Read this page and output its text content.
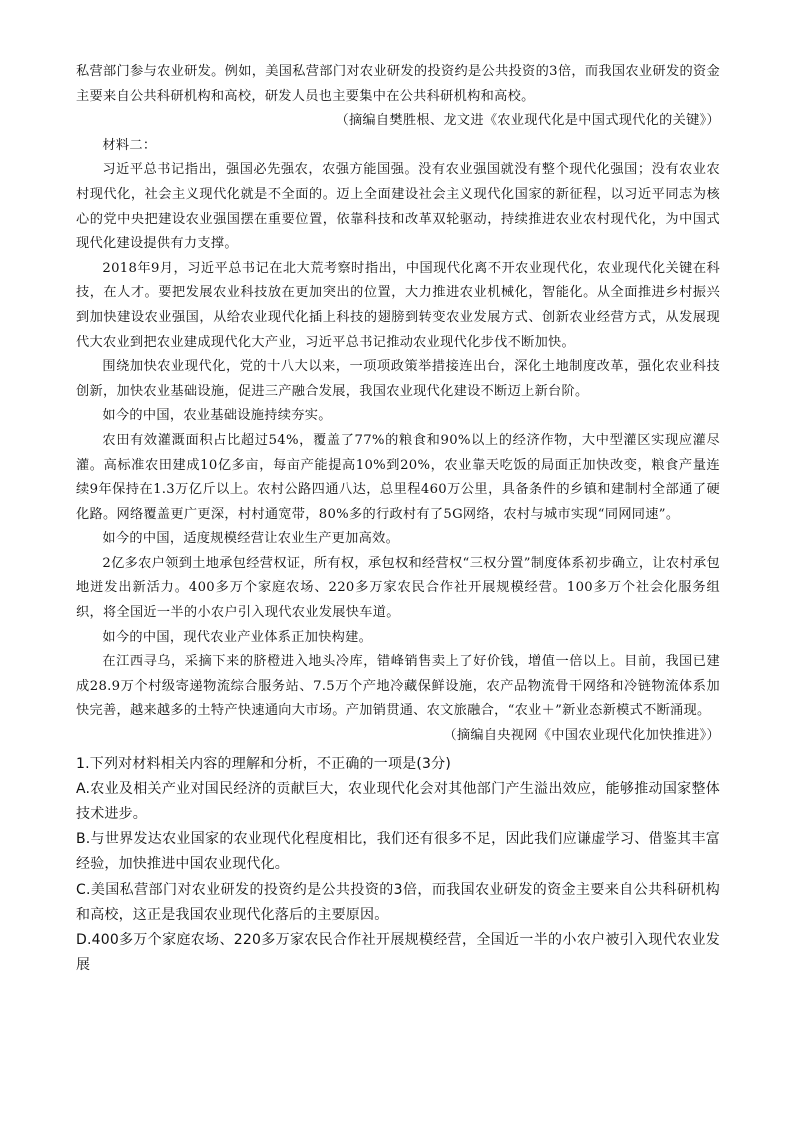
私营部门参与农业研发。例如，美国私营部门对农业研发的投资约是公共投资的3倍，而我国农业研发的资金主要来自公共科研机构和高校，研发人员也主要集中在公共科研机构和高校。

（摘编自樊胜根、龙文进《农业现代化是中国式现代化的关键》）

材料二：

习近平总书记指出，强国必先强农，农强方能国强。没有农业强国就没有整个现代化强国；没有农业农村现代化，社会主义现代化就是不全面的。迈上全面建设社会主义现代化国家的新征程，以习近平同志为核心的党中央把建设农业强国摆在重要位置，依靠科技和改革双轮驱动，持续推进农业农村现代化，为中国式现代化建设提供有力支撑。

2018年9月，习近平总书记在北大荒考察时指出，中国现代化离不开农业现代化，农业现代化关键在科技，在人才。要把发展农业科技放在更加突出的位置，大力推进农业机械化，智能化。从全面推进乡村振兴到加快建设农业强国，从给农业现代化插上科技的翅膀到转变农业发展方式、创新农业经营方式，从发展现代大农业到把农业建成现代化大产业，习近平总书记推动农业现代化步伐不断加快。

围绕加快农业现代化，党的十八大以来，一项项政策举措接连出台，深化土地制度改革，强化农业科技创新，加快农业基础设施，促进三产融合发展，我国农业现代化建设不断迈上新台阶。

如今的中国，农业基础设施持续夯实。

农田有效灌溉面积占比超过54%，覆盖了77%的粮食和90%以上的经济作物，大中型灌区实现应灌尽灌。高标准农田建成10亿多亩，每亩产能提高10%到20%，农业靠天吃饭的局面正加快改变，粮食产量连续9年保持在1.3万亿斤以上。农村公路四通八达，总里程460万公里，具备条件的乡镇和建制村全部通了硬化路。网络覆盖更广更深，村村通宽带，80%多的行政村有了5G网络，农村与城市实现“同网同速”。

如今的中国，适度规模经营让农业生产更加高效。

2亿多农户领到土地承包经营权证，所有权，承包权和经营权“三权分置”制度体系初步确立，让农村承包地迸发出新活力。400多万个家庭农场、220多万家农民合作社开展规模经营。100多万个社会化服务组织，将全国近一半的小农户引入现代农业发展快车道。

如今的中国，现代农业产业体系正加快构建。

在江西寻乌，采摘下来的脐橙进入地头冷库，错峰销售卖上了好价钱，增值一倍以上。目前，我国已建成28.9万个村级寄递物流综合服务站、7.5万个产地冷藏保鲜设施，农产品物流骨干网络和冷链物流体系加快完善，越来越多的土特产快速通向大市场。产加销贯通、农文旅融合，“农业＋”新业态新模式不断涌现。

（摘编自央视网《中国农业现代化加快推进》）

1.下列对材料相关内容的理解和分析，不正确的一项是(3分)

A.农业及相关产业对国民经济的贡献巨大，农业现代化会对其他部门产生溢出效应，能够推动国家整体技术进步。

B.与世界发达农业国家的农业现代化程度相比，我们还有很多不足，因此我们应谦虚学习、借鉴其丰富经验，加快推进中国农业现代化。

C.美国私营部门对农业研发的投资约是公共投资的3倍，而我国农业研发的资金主要来自公共科研机构和高校，这正是我国农业现代化落后的主要原因。

D.400多万个家庭农场、220多万家农民合作社开展规模经营，全国近一半的小农户被引入现代农业发展
